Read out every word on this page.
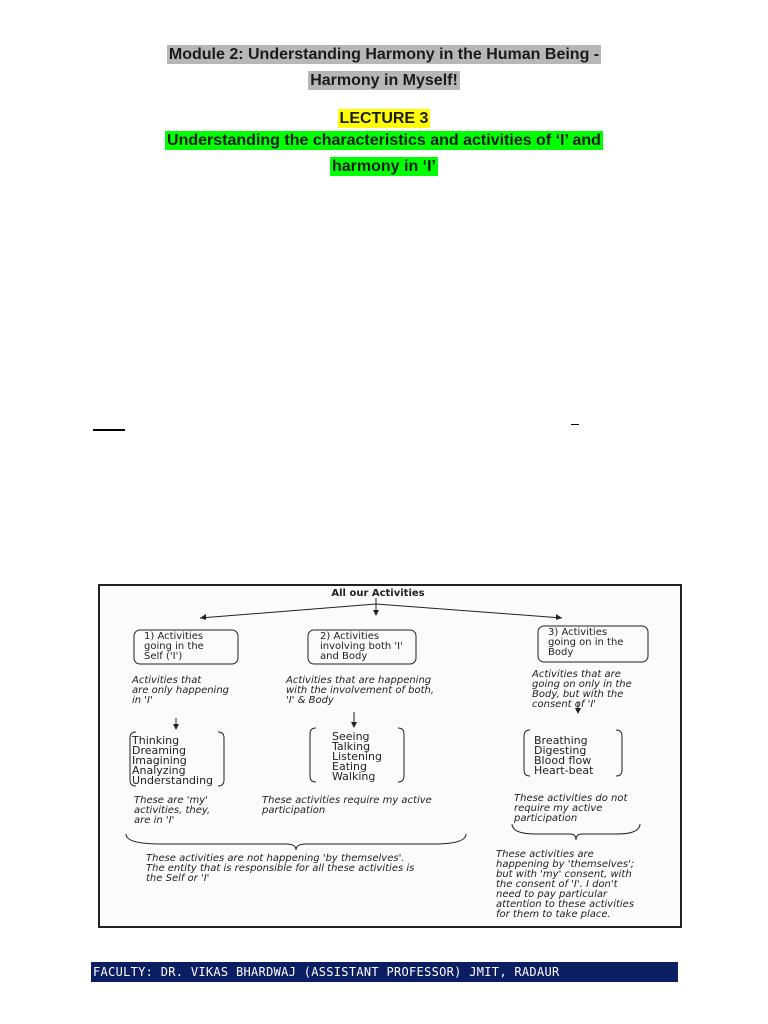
Module 2: Understanding Harmony in the Human Being -
Harmony in Myself!
LECTURE 3
Understanding the characteristics and activities of ‘I’ and
harmony in ‘I’
All our Activities
1) Activities
going in the
Self ('I')
2) Activities
involving both 'I'
and Body
3) Activities
going on in the
Body
Activities that
are only happening
in 'I'
Activities that are happening
with the involvement of both,
'I' & Body
Activities that are
going on only in the
Body, but with the
consent of 'I'
Thinking
Dreaming
Imagining
Analyzing
Understanding
Seeing
Talking
Listening
Eating
Walking
Breathing
Digesting
Blood flow
Heart-beat
These are 'my'
activities, they,
are in 'I'
These activities require my active
participation
These activities do not
require my active
participation
These activities are not happening 'by themselves'.
The entity that is responsible for all these activities is
the Self or 'I'
These activities are
happening by 'themselves';
but with 'my' consent, with
the consent of 'I'. I don't
need to pay particular
attention to these activities
for them to take place.
FACULTY: DR. VIKAS BHARDWAJ (ASSISTANT PROFESSOR) JMIT, RADAUR
